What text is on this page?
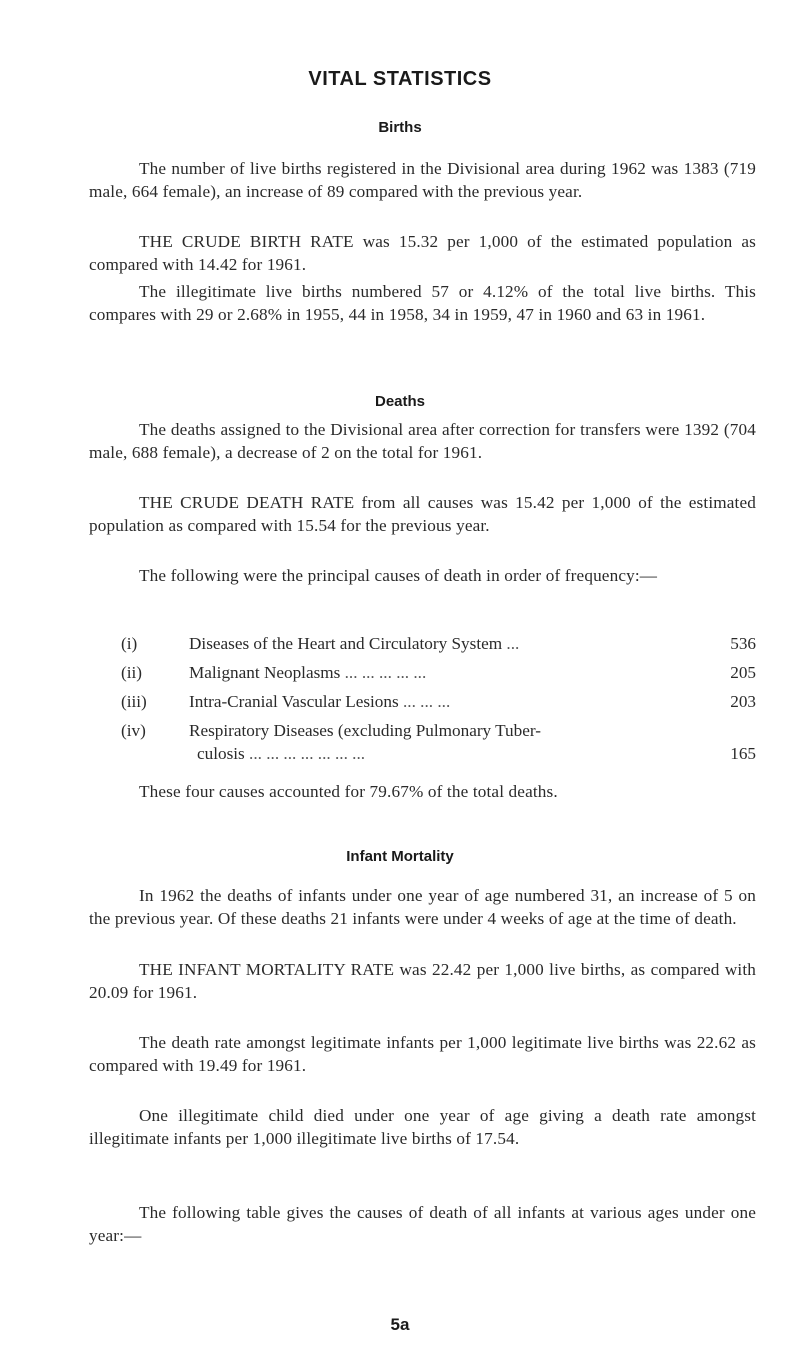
VITAL STATISTICS
Births

The number of live births registered in the Divisional area during 1962 was 1383 (719 male, 664 female), an increase of 89 compared with the previous year.

THE CRUDE BIRTH RATE was 15.32 per 1,000 of the estimated population as compared with 14.42 for 1961.

The illegitimate live births numbered 57 or 4.12% of the total live births. This compares with 29 or 2.68% in 1955, 44 in 1958, 34 in 1959, 47 in 1960 and 63 in 1961.

Deaths

The deaths assigned to the Divisional area after correction for transfers were 1392 (704 male, 688 female), a decrease of 2 on the total for 1961.

THE CRUDE DEATH RATE from all causes was 15.42 per 1,000 of the estimated population as compared with 15.54 for the previous year.

The following were the principal causes of death in order of frequency:—

(i)	Diseases of the Heart and Circulatory System ...	536
(ii)	Malignant Neoplasms ... ... ... ... ...	205
(iii) Intra-Cranial Vascular Lesions ... ... ...	203
(iv)	Respiratory Diseases (excluding Pulmonary Tuber-
culosis ... ... ... ... ... ... ...	165

These four causes accounted for 79.67% of the total deaths.

Infant Mortality

In 1962 the deaths of infants under one year of age numbered 31, an increase of 5 on the previous year. Of these deaths 21 infants were under 4 weeks of age at the time of death.

THE INFANT MORTALITY RATE was 22.42 per 1,000 live births, as compared with 20.09 for 1961.

The death rate amongst legitimate infants per 1,000 legitimate live births was 22.62 as compared with 19.49 for 1961.

One illegitimate child died under one year of age giving a death rate amongst illegitimate infants per 1,000 illegitimate live births of 17.54.

The following table gives the causes of death of all infants at various ages under one year:—

5a
